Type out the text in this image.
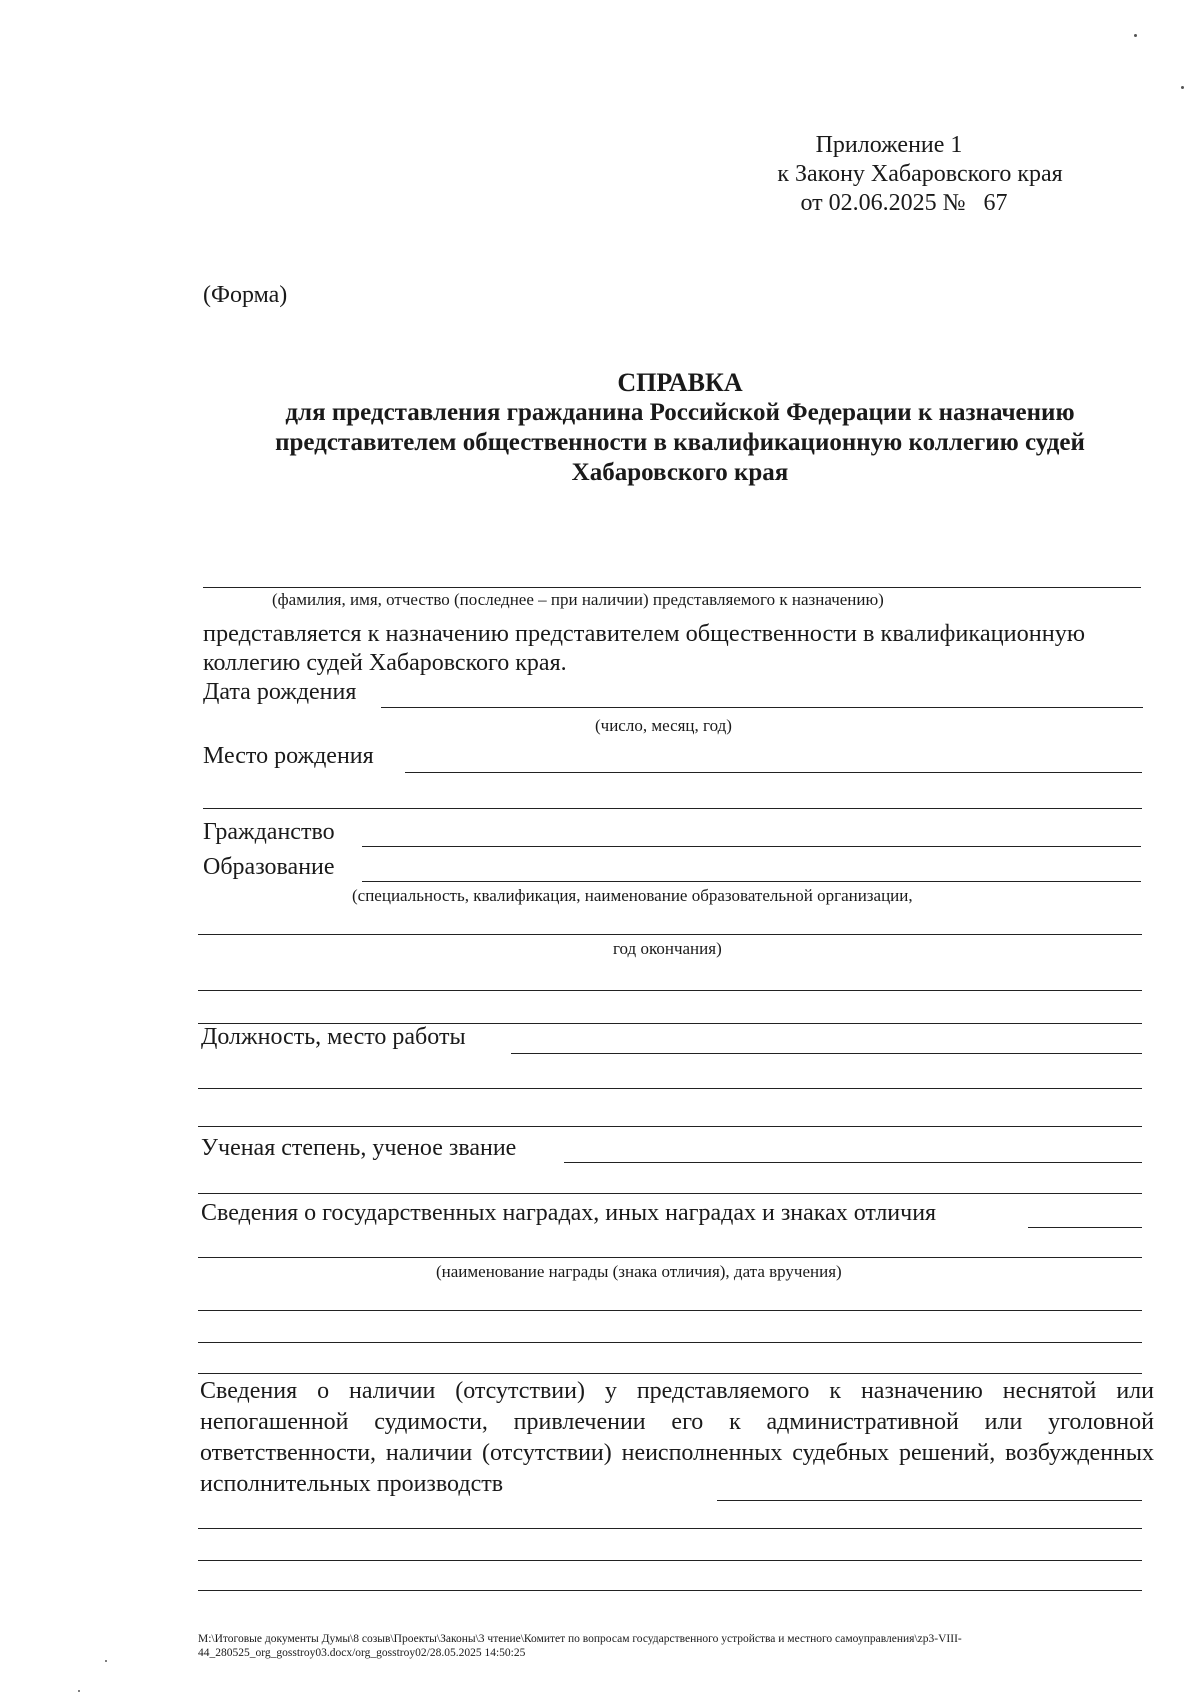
Приложение 1
к Закону Хабаровского края
от 02.06.2025 №   67
(Форма)
СПРАВКА
для представления гражданина Российской Федерации к назначению
представителем общественности в квалификационную коллегию судей
Хабаровского края
(фамилия, имя, отчество (последнее – при наличии) представляемого к назначению)
представляется к назначению представителем общественности в квалификационную
коллегию судей Хабаровского края.
Дата рождения
(число, месяц, год)
Место рождения
Гражданство
Образование
(специальность, квалификация, наименование образовательной организации,
год окончания)
Должность, место работы
Ученая степень, ученое звание
Сведения о государственных наградах, иных наградах и знаках отличия
(наименование награды (знака отличия), дата вручения)
Сведения о наличии (отсутствии) у представляемого к назначению неснятой или непогашенной судимости, привлечении его к административной или уголовной ответственности, наличии (отсутствии) неисполненных судебных решений, возбужденных исполнительных производств
М:\Итоговые документы Думы\8 созыв\Проекты\Законы\3 чтение\Комитет по вопросам государственного устройства и местного самоуправления\zp3-VIII-
44_280525_org_gosstroy03.docx/org_gosstroy02/28.05.2025 14:50:25
